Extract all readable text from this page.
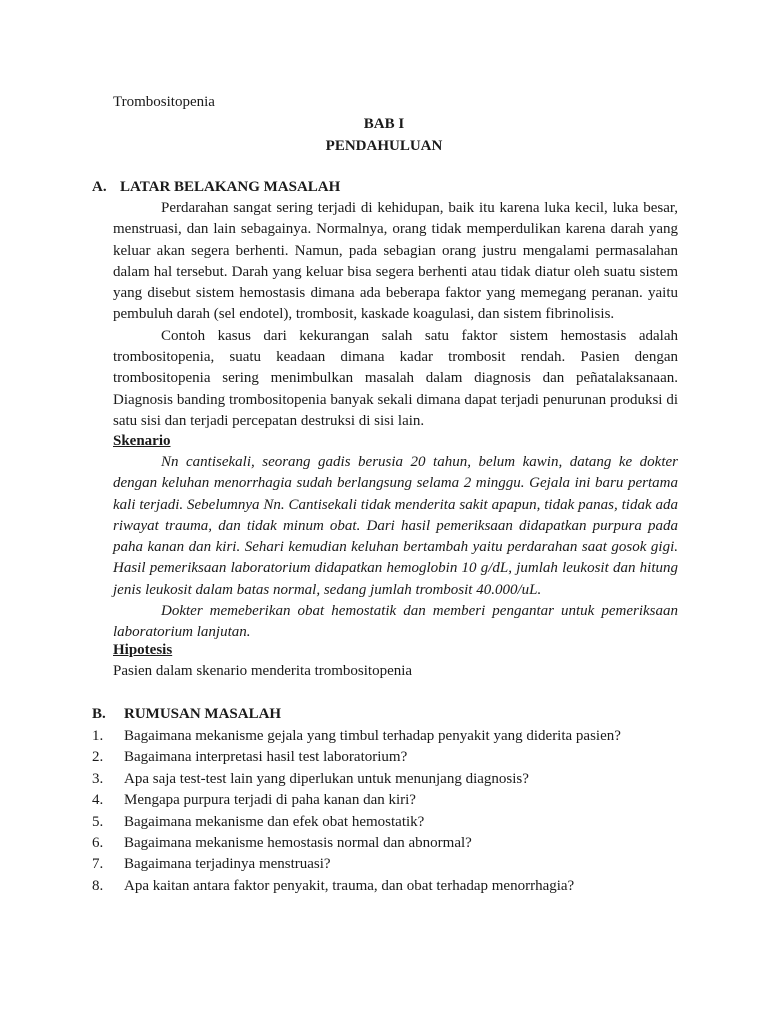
Trombositopenia
BAB I
PENDAHULUAN
A. LATAR BELAKANG MASALAH

Perdarahan sangat sering terjadi di kehidupan, baik itu karena luka kecil, luka besar, menstruasi, dan lain sebagainya. Normalnya, orang tidak memperdulikan karena darah yang keluar akan segera berhenti. Namun, pada sebagian orang justru mengalami permasalahan dalam hal tersebut. Darah yang keluar bisa segera berhenti atau tidak diatur oleh suatu sistem yang disebut sistem hemostasis dimana ada beberapa faktor yang memegang peranan. yaitu pembuluh darah (sel endotel), trombosit, kaskade koagulasi, dan sistem fibrinolisis.

Contoh kasus dari kekurangan salah satu faktor sistem hemostasis adalah trombositopenia, suatu keadaan dimana kadar trombosit rendah. Pasien dengan trombositopenia sering menimbulkan masalah dalam diagnosis dan peñatalaksanaan. Diagnosis banding trombositopenia banyak sekali dimana dapat terjadi penurunan produksi di satu sisi dan terjadi percepatan destruksi di sisi lain.

Skenario

Nn cantisekali, seorang gadis berusia 20 tahun, belum kawin, datang ke dokter dengan keluhan menorrhagia sudah berlangsung selama 2 minggu. Gejala ini baru pertama kali terjadi. Sebelumnya Nn. Cantisekali tidak menderita sakit apapun, tidak panas, tidak ada riwayat trauma, dan tidak minum obat. Dari hasil pemeriksaan didapatkan purpura pada paha kanan dan kiri. Sehari kemudian keluhan bertambah yaitu perdarahan saat gosok gigi. Hasil pemeriksaan laboratorium didapatkan hemoglobin 10 g/dL, jumlah leukosit dan hitung jenis leukosit dalam batas normal, sedang jumlah trombosit 40.000/uL.

Dokter memeberikan obat hemostatik dan memberi pengantar untuk pemeriksaan laboratorium lanjutan.

Hipotesis

Pasien dalam skenario menderita trombositopenia

B. RUMUSAN MASALAH
1. Bagaimana mekanisme gejala yang timbul terhadap penyakit yang diderita pasien?
2. Bagaimana interpretasi hasil test laboratorium?
3. Apa saja test-test lain yang diperlukan untuk menunjang diagnosis?
4. Mengapa purpura terjadi di paha kanan dan kiri?
5. Bagaimana mekanisme dan efek obat hemostatik?
6. Bagaimana mekanisme hemostasis normal dan abnormal?
7. Bagaimana terjadinya menstruasi?
8. Apa kaitan antara faktor penyakit, trauma, dan obat terhadap menorrhagia?
